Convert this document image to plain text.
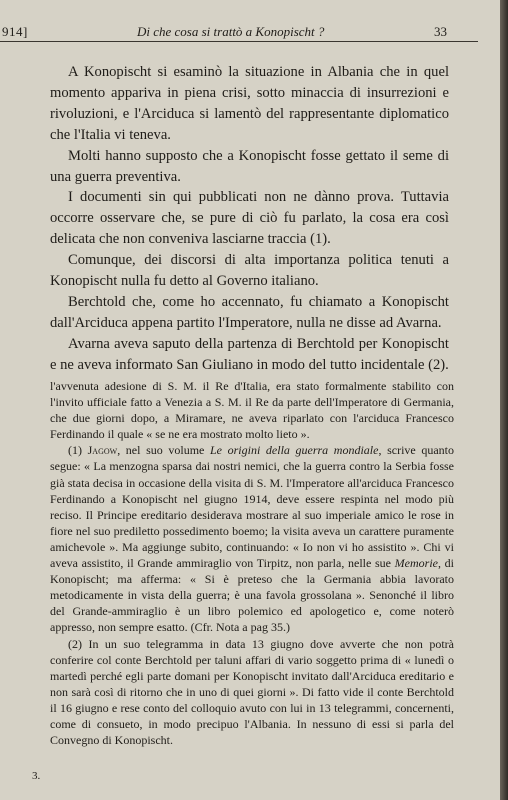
914]	Di che cosa si trattò a Konopischt ?	33

A Konopischt si esaminò la situazione in Albania che in quel momento appariva in piena crisi, sotto minaccia di insurrezioni e rivoluzioni, e l'Arciduca si lamentò del rappresentante diplomatico che l'Italia vi teneva.

Molti hanno supposto che a Konopischt fosse gettato il seme di una guerra preventiva.

I documenti sin qui pubblicati non ne dànno prova. Tuttavia occorre osservare che, se pure di ciò fu parlato, la cosa era così delicata che non conveniva lasciarne traccia (1).

Comunque, dei discorsi di alta importanza politica tenuti a Konopischt nulla fu detto al Governo italiano.

Berchtold che, come ho accennato, fu chiamato a Konopischt dall'Arciduca appena partito l'Imperatore, nulla ne disse ad Avarna.

Avarna aveva saputo della partenza di Berchtold per Konopischt e ne aveva informato San Giuliano in modo del tutto incidentale (2).

l'avvenuta adesione di S. M. il Re d'Italia, era stato formalmente stabilito con l'invito ufficiale fatto a Venezia a S. M. il Re da parte dell'Imperatore di Germania, che due giorni dopo, a Miramare, ne aveva riparlato con l'arciduca Francesco Ferdinando il quale « se ne era mostrato molto lieto ».

(1) Jagow, nel suo volume Le origini della guerra mondiale, scrive quanto segue: « La menzogna sparsa dai nostri nemici, che la guerra contro la Serbia fosse già stata decisa in occasione della visita di S. M. l'Imperatore all'arciduca Francesco Ferdinando a Konopischt nel giugno 1914, deve essere respinta nel modo più reciso. Il Principe ereditario desiderava mostrare al suo imperiale amico le rose in fiore nel suo prediletto possedimento boemo; la visita aveva un carattere puramente amichevole ». Ma aggiunge subito, continuando: « Io non vi ho assistito ». Chi vi aveva assistito, il Grande ammiraglio von Tirpitz, non parla, nelle sue Memorie, di Konopischt; ma afferma: « Si è preteso che la Germania abbia lavorato metodicamente in vista della guerra; è una favola grossolana ». Senonché il libro del Grande-ammiraglio è un libro polemico ed apologetico e, come noterò appresso, non sempre esatto. (Cfr. Nota a pag 35.)

(2) In un suo telegramma in data 13 giugno dove avverte che non potrà conferire col conte Berchtold per taluni affari di vario soggetto prima di « lunedì o martedì perché egli parte domani per Konopischt invitato dall'Arciduca ereditario e non sarà così di ritorno che in uno di quei giorni ». Di fatto vide il conte Berchtold il 16 giugno e rese conto del colloquio avuto con lui in 13 telegrammi, concernenti, come di consueto, in modo precipuo l'Albania. In nessuno di essi si parla del Convegno di Konopischt.

3.
